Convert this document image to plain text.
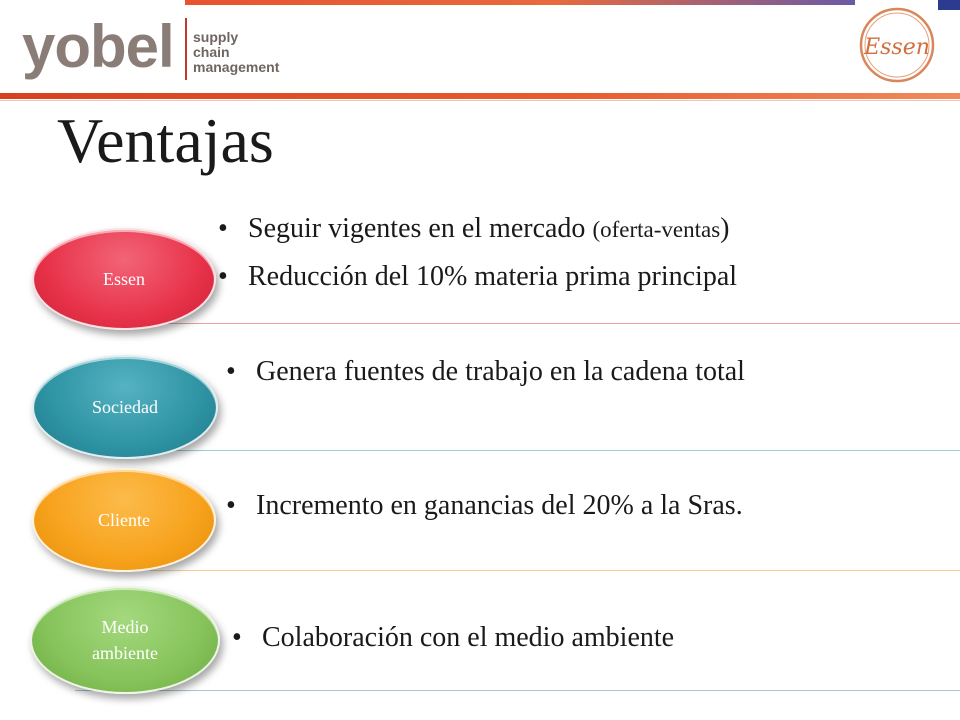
yobel supply
chain
management
Essen
Ventajas
Essen
• Seguir vigentes en el mercado (oferta-ventas)
• Reducción del 10% materia prima principal
Sociedad
• Genera fuentes de trabajo en la cadena total
Cliente	• Incremento en ganancias del 20% a la Sras.
Medio ambiente	• Colaboración con el medio ambiente
